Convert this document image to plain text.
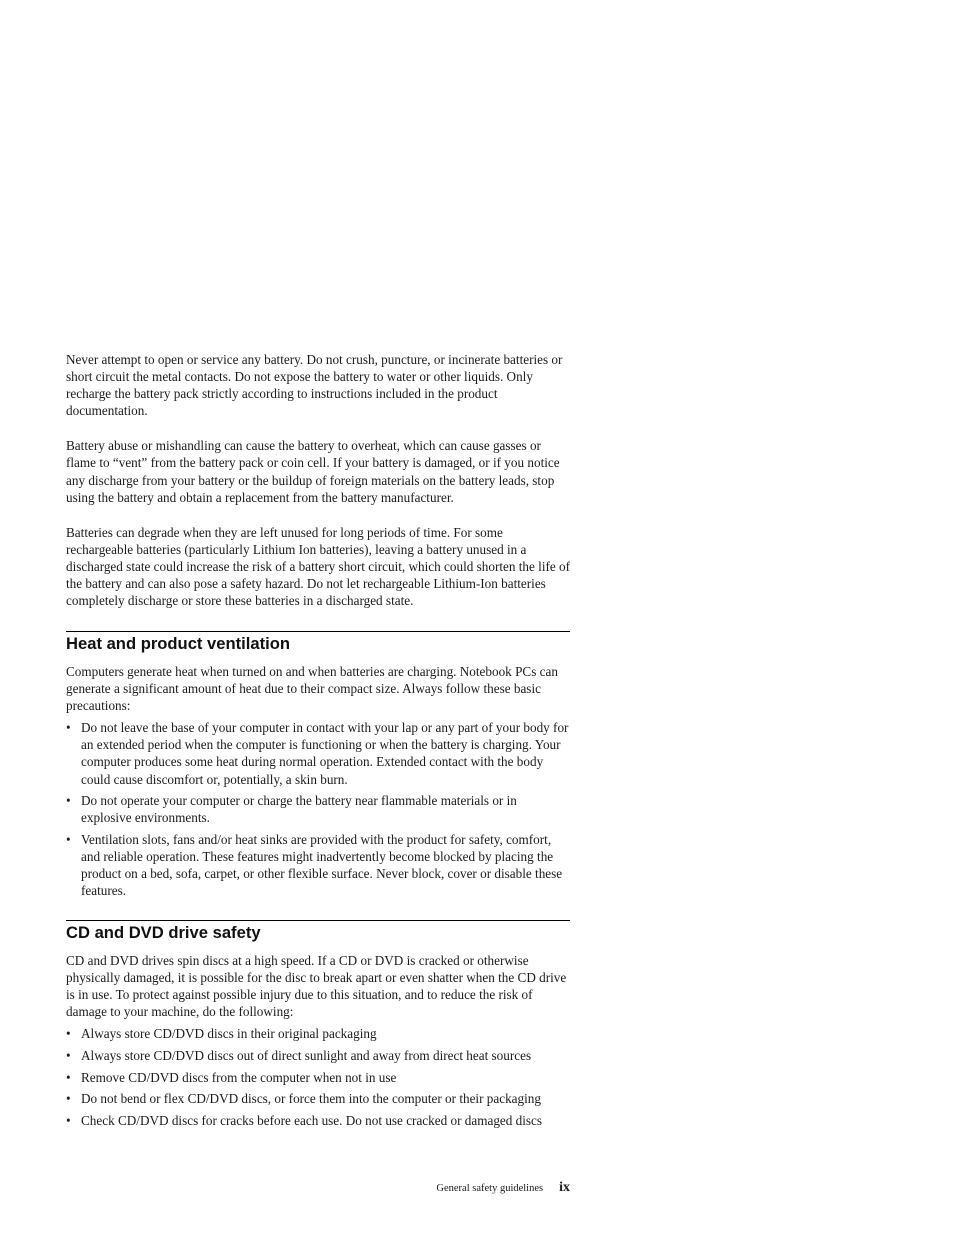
Never attempt to open or service any battery. Do not crush, puncture, or incinerate batteries or short circuit the metal contacts. Do not expose the battery to water or other liquids. Only recharge the battery pack strictly according to instructions included in the product documentation.

Battery abuse or mishandling can cause the battery to overheat, which can cause gasses or flame to “vent” from the battery pack or coin cell. If your battery is damaged, or if you notice any discharge from your battery or the buildup of foreign materials on the battery leads, stop using the battery and obtain a replacement from the battery manufacturer.

Batteries can degrade when they are left unused for long periods of time. For some rechargeable batteries (particularly Lithium Ion batteries), leaving a battery unused in a discharged state could increase the risk of a battery short circuit, which could shorten the life of the battery and can also pose a safety hazard. Do not let rechargeable Lithium-Ion batteries completely discharge or store these batteries in a discharged state.

Heat and product ventilation

Computers generate heat when turned on and when batteries are charging. Notebook PCs can generate a significant amount of heat due to their compact size. Always follow these basic precautions:

• Do not leave the base of your computer in contact with your lap or any part of your body for an extended period when the computer is functioning or when the battery is charging. Your computer produces some heat during normal operation. Extended contact with the body could cause discomfort or, potentially, a skin burn.
• Do not operate your computer or charge the battery near flammable materials or in explosive environments.
• Ventilation slots, fans and/or heat sinks are provided with the product for safety, comfort, and reliable operation. These features might inadvertently become blocked by placing the product on a bed, sofa, carpet, or other flexible surface. Never block, cover or disable these features.
CD and DVD drive safety

CD and DVD drives spin discs at a high speed. If a CD or DVD is cracked or otherwise physically damaged, it is possible for the disc to break apart or even shatter when the CD drive is in use. To protect against possible injury due to this situation, and to reduce the risk of damage to your machine, do the following:

• Always store CD/DVD discs in their original packaging
• Always store CD/DVD discs out of direct sunlight and away from direct heat sources
• Remove CD/DVD discs from the computer when not in use
• Do not bend or flex CD/DVD discs, or force them into the computer or their packaging
• Check CD/DVD discs for cracks before each use. Do not use cracked or damaged discs
General safety guidelines ix
